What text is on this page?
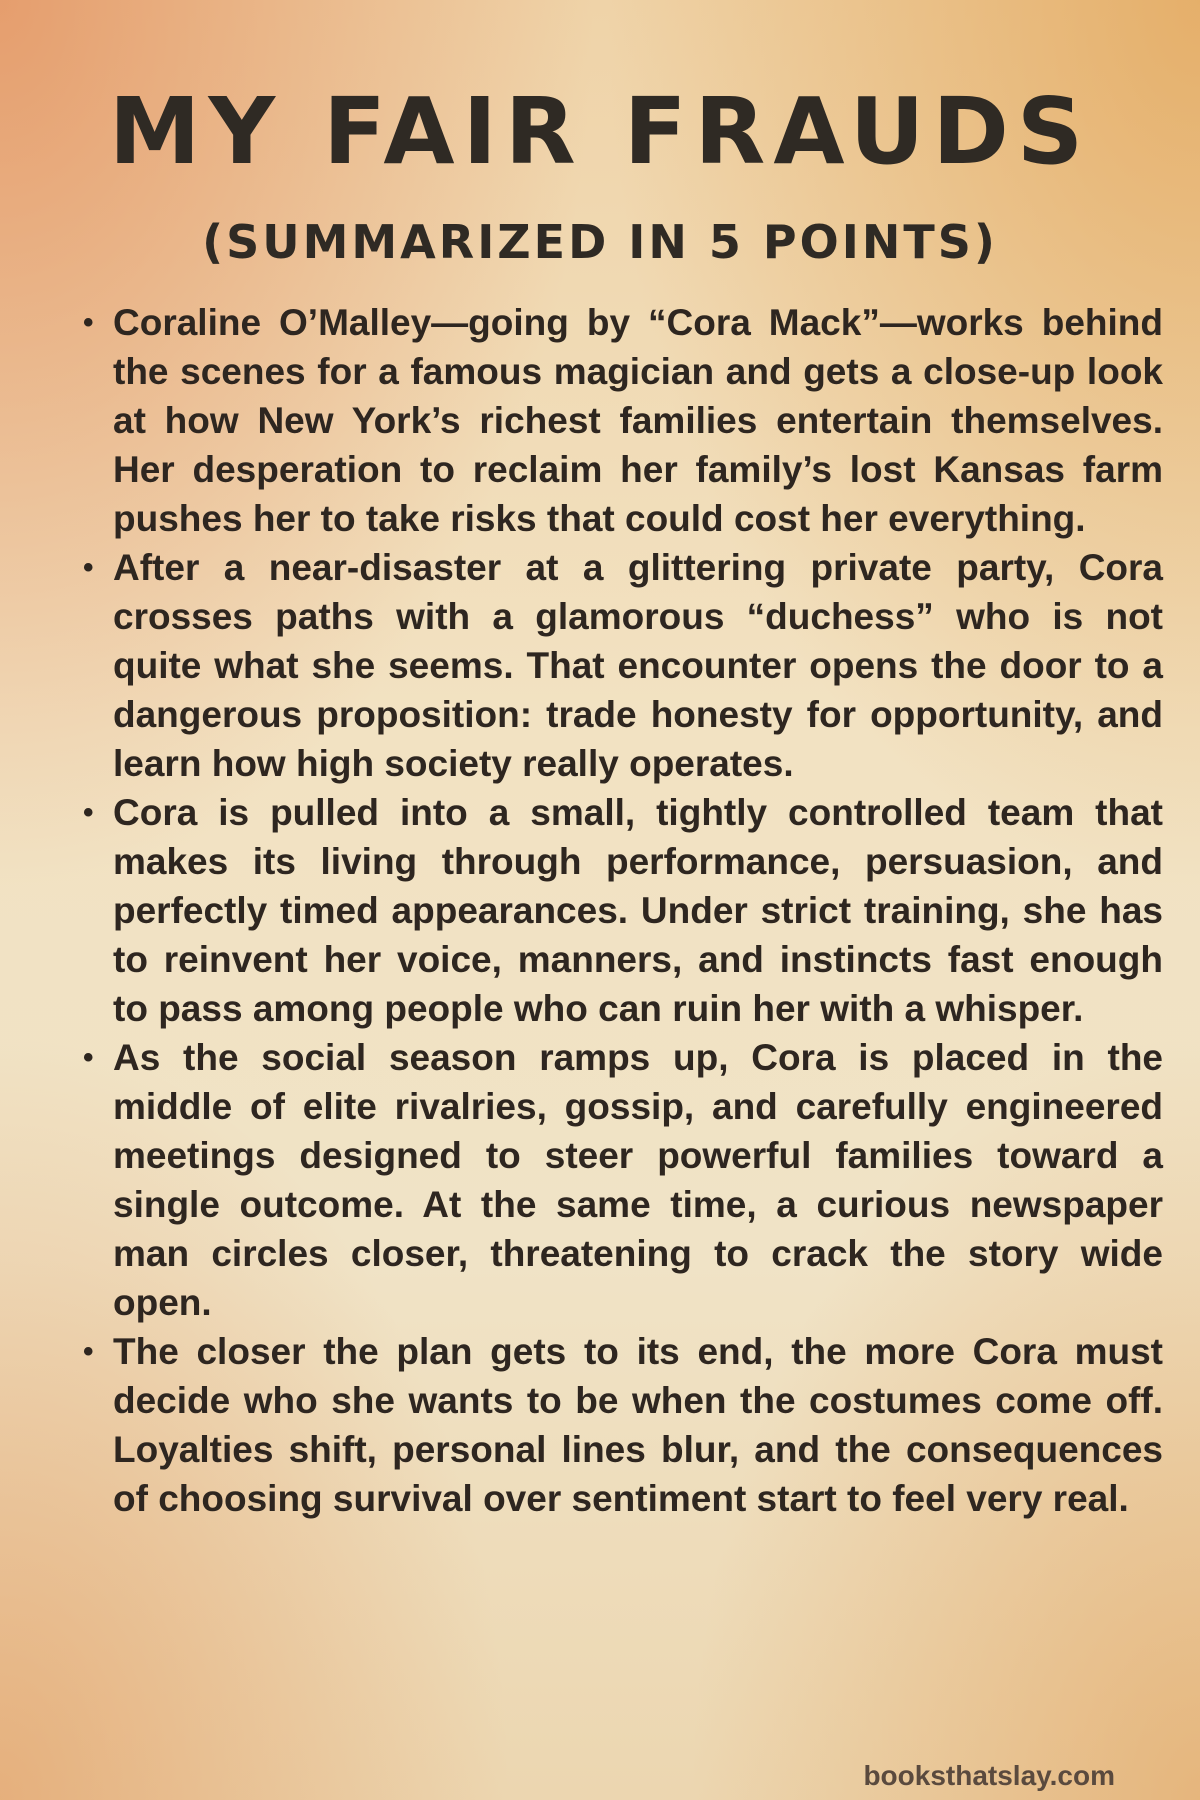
MY FAIR FRAUDS
(SUMMARIZED IN 5 POINTS)
• Coraline O’Malley—going by “Cora Mack”—works behind the scenes for a famous magician and gets a close-up look at how New York’s richest families entertain themselves. Her desperation to reclaim her family’s lost Kansas farm pushes her to take risks that could cost her everything.
• After a near-disaster at a glittering private party, Cora crosses paths with a glamorous “duchess” who is not quite what she seems. That encounter opens the door to a dangerous proposition: trade honesty for opportunity, and learn how high society really operates.
• Cora is pulled into a small, tightly controlled team that makes its living through performance, persuasion, and perfectly timed appearances. Under strict training, she has to reinvent her voice, manners, and instincts fast enough to pass among people who can ruin her with a whisper.
• As the social season ramps up, Cora is placed in the middle of elite rivalries, gossip, and carefully engineered meetings designed to steer powerful families toward a single outcome. At the same time, a curious newspaper man circles closer, threatening to crack the story wide open.
• The closer the plan gets to its end, the more Cora must decide who she wants to be when the costumes come off. Loyalties shift, personal lines blur, and the consequences of choosing survival over sentiment start to feel very real.
booksthatslay.com
